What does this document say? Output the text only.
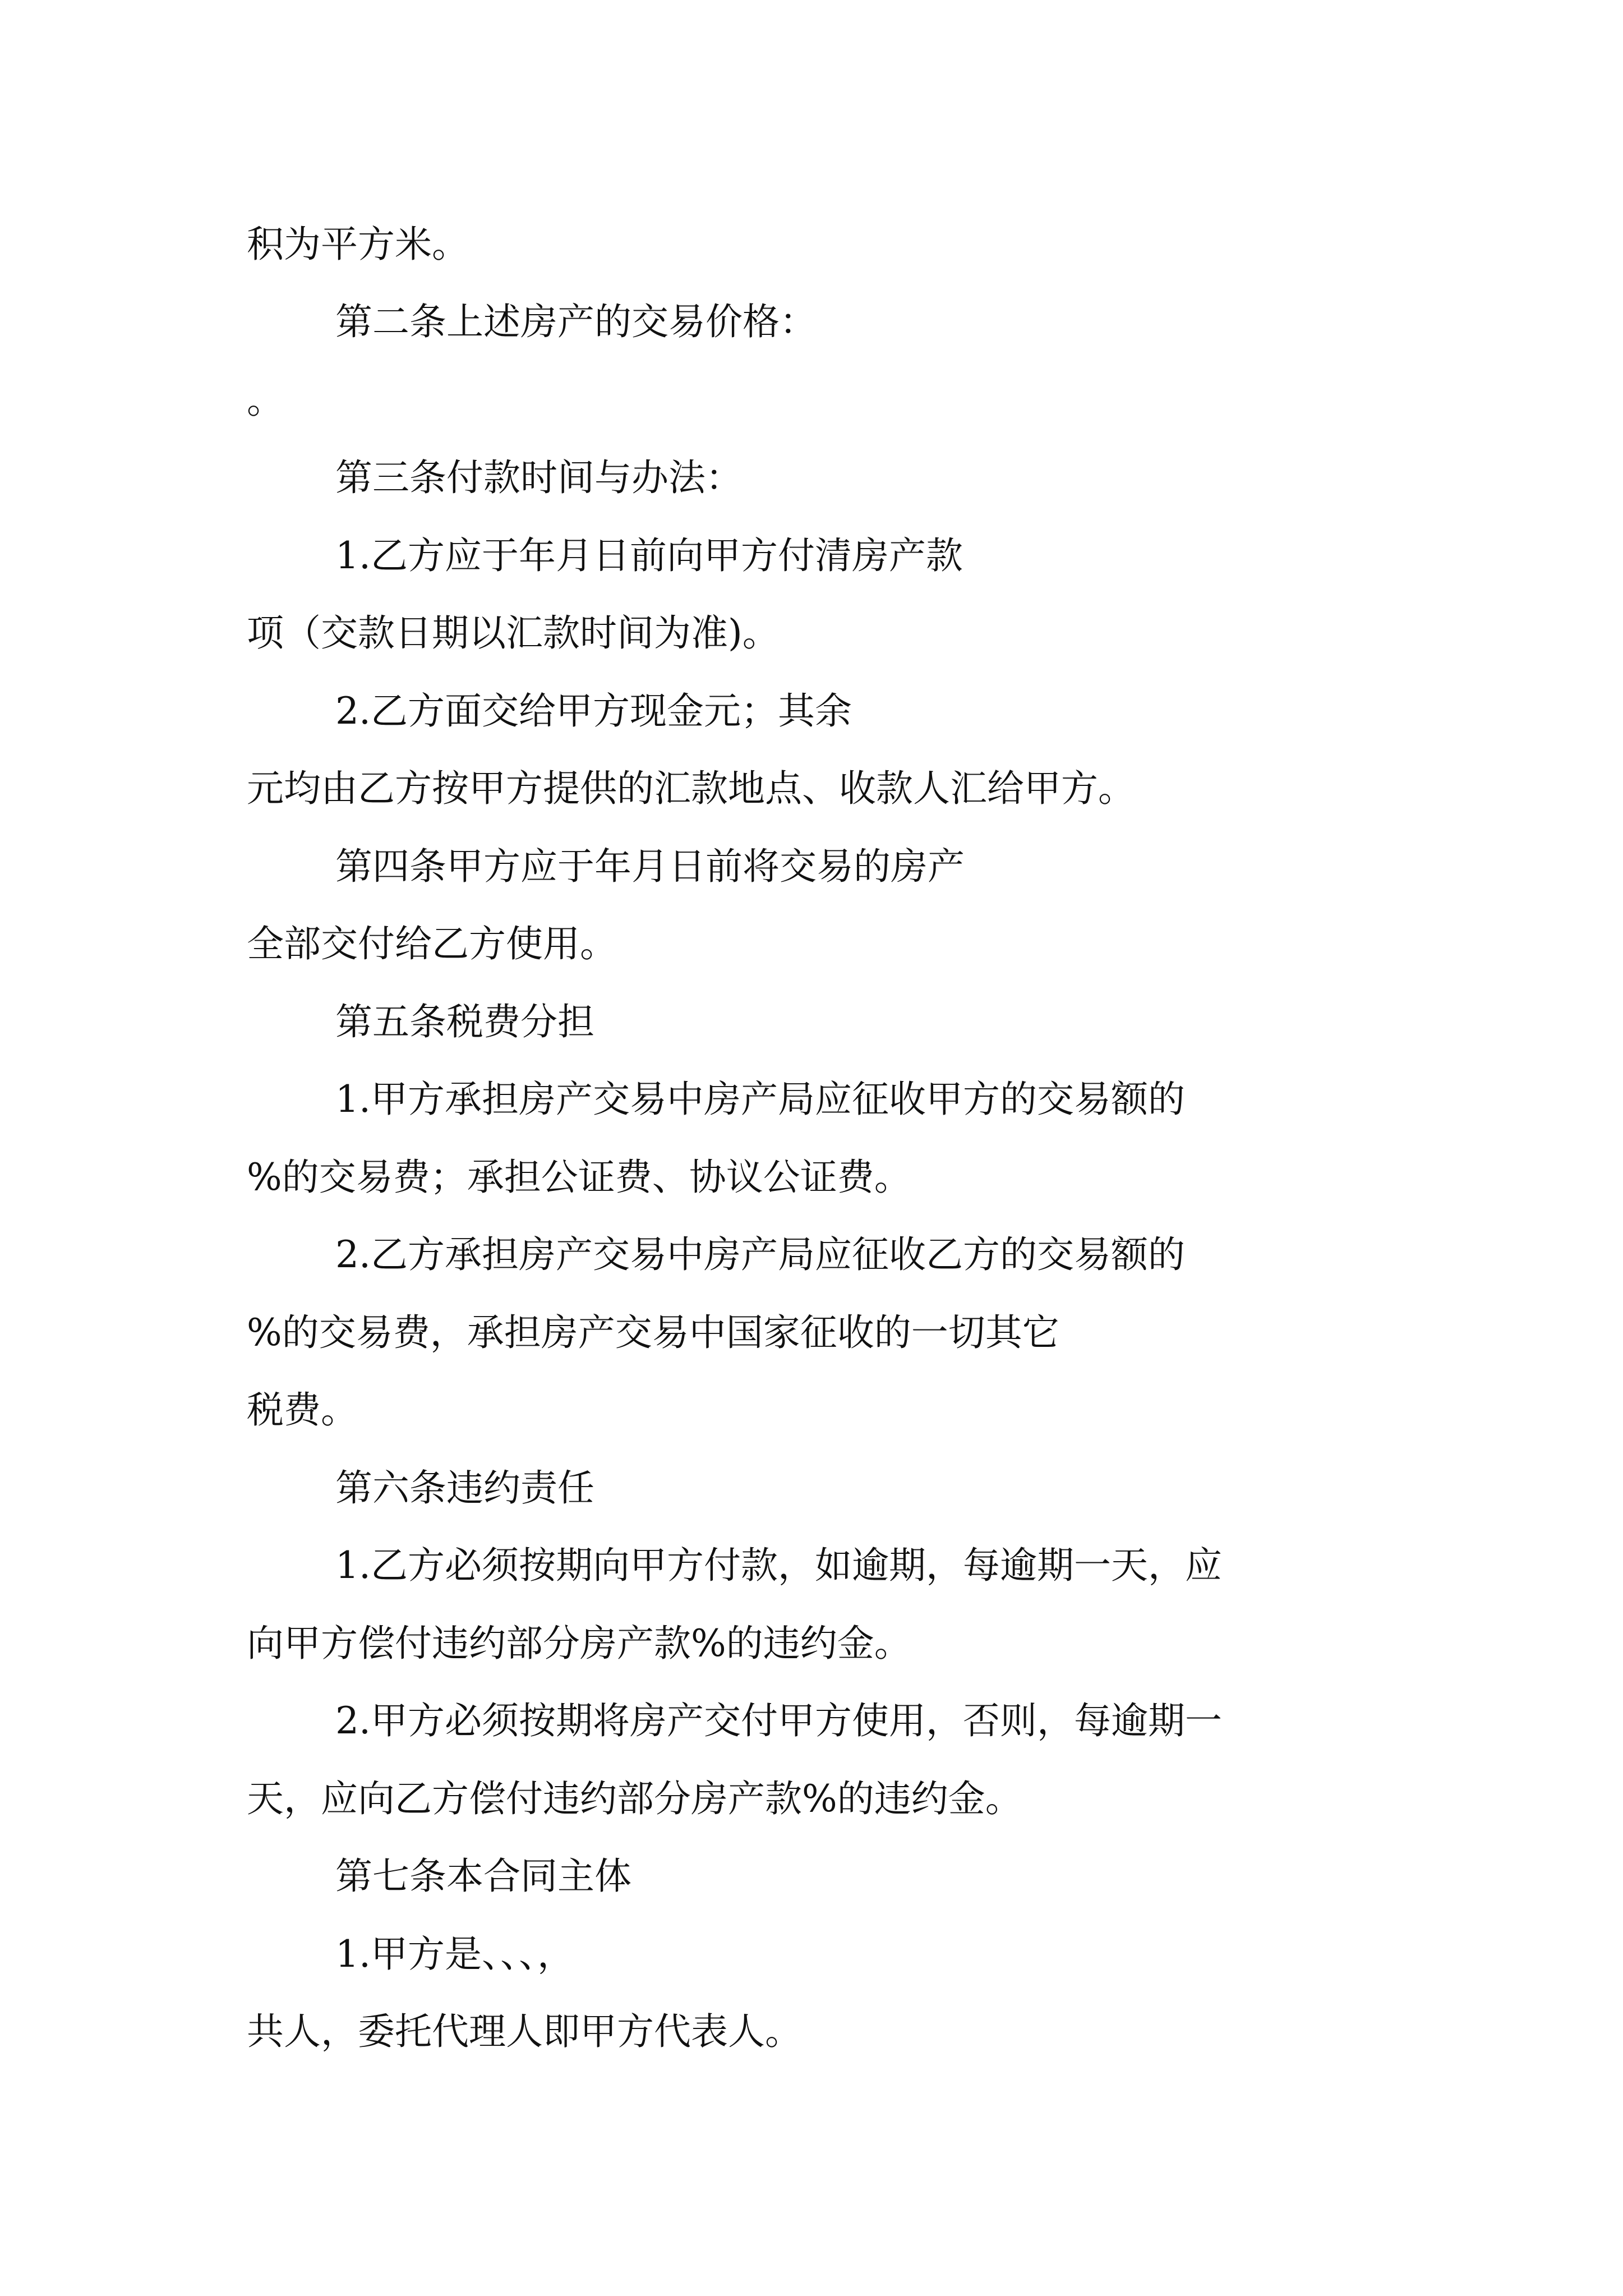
积为平方米。
第二条上述房产的交易价格：
。
第三条付款时间与办法：
1.乙方应于年月日前向甲方付清房产款
项（交款日期以汇款时间为准)。
2.乙方面交给甲方现金元；其余
元均由乙方按甲方提供的汇款地点、收款人汇给甲方。
第四条甲方应于年月日前将交易的房产
全部交付给乙方使用。
第五条税费分担
1.甲方承担房产交易中房产局应征收甲方的交易额的
%的交易费；承担公证费、协议公证费。
2.乙方承担房产交易中房产局应征收乙方的交易额的
%的交易费，承担房产交易中国家征收的一切其它
税费。
第六条违约责任
1.乙方必须按期向甲方付款，如逾期，每逾期一天，应
向甲方偿付违约部分房产款%的违约金。
2.甲方必须按期将房产交付甲方使用，否则，每逾期一
天，应向乙方偿付违约部分房产款%的违约金。
第七条本合同主体
1.甲方是、、、，
共人，委托代理人即甲方代表人。
